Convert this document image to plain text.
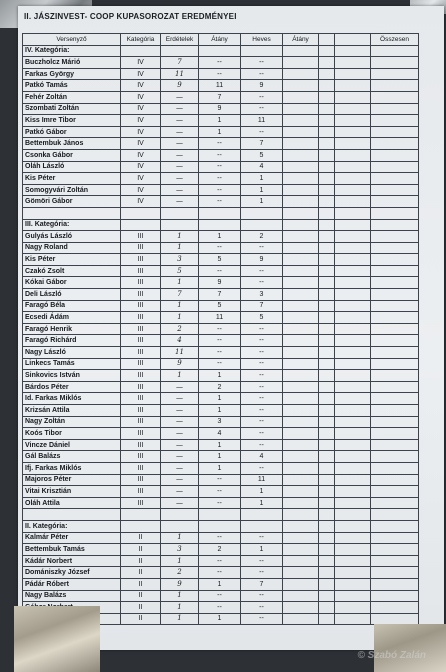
II. JÁSZINVEST- COOP KUPASOROZAT EREDMÉNYEI
Versenyző	Kategória	Erdételek	Átány	Heves	Átány			Összesen
IV. Kategória:								
Buczholcz Márió	IV	7	--	--				
Farkas György	IV	11	--	--				
Patkó Tamás	IV	9	11	9				
Fehér Zoltán	IV	—	7	--				
Szombati Zoltán	IV	—	9	--				
Kiss Imre Tibor	IV	—	1	11				
Patkó Gábor	IV	—	1	--				
Bettembuk János	IV	—	--	7				
Csonka Gábor	IV	—	--	5				
Oláh László	IV	—	--	4				
Kis Péter	IV	—	--	1				
Somogyvári Zoltán	IV	—	--	1				
Gömöri Gábor	IV	—	--	1				

III. Kategória:								
Gulyás László	III	1	1	2				
Nagy Roland	III	1	--	--				
Kis Péter	III	3	5	9				
Czakó Zsolt	III	5	--	--				
Kókai Gábor	III	1	9	--				
Deli László	III	7	7	3				
Faragó Béla	III	1	5	7				
Ecsedi Ádám	III	1	11	5				
Faragó Henrik	III	2	--	--				
Faragó Richárd	III	4	--	--				
Nagy László	III	11	--	--				
Linkecs Tamás	III	9	--	--				
Sinkovics István	III	1	1	--				
Bárdos Péter	III	—	2	--				
Id. Farkas Miklós	III	—	1	--				
Krizsán Attila	III	—	1	--				
Nagy Zoltán	III	—	3	--				
Koós Tibor	III	—	4	--				
Vincze Dániel	III	—	1	--				
Gál Balázs	III	—	1	4				
Ifj. Farkas Miklós	III	—	1	--				
Majoros Péter	III	—	--	11				
Vitai Krisztián	III	—	--	1				
Oláh Attila	III	—	--	1				

II. Kategória:								
Kalmár Péter	II	1	--	--				
Bettembuk Tamás	II	3	2	1				
Kádár Norbert	II	1	--	--				
Domániszky József	II	2	--	--				
Pádár Róbert	II	9	1	7				
Nagy Balázs	II	1	--	--				
	II	1	--	--				
	II	1	1	--				
© Szabó Zalán
